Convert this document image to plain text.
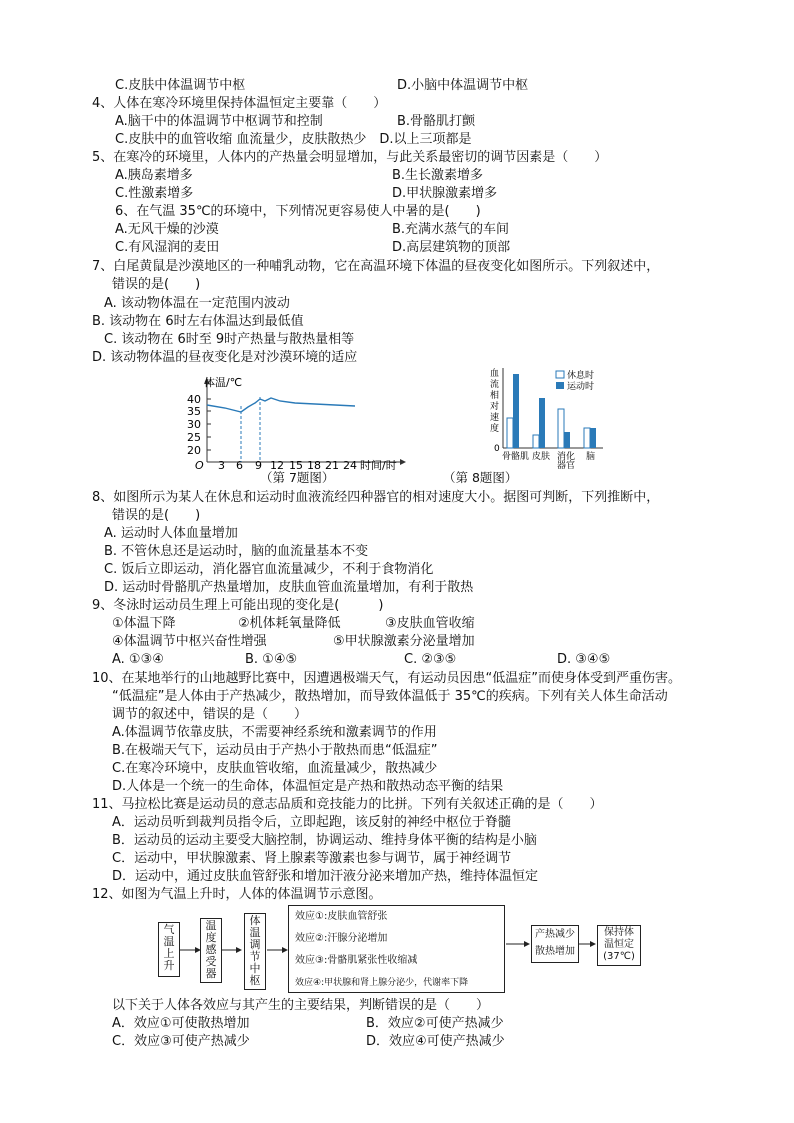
C.皮肤中体温调节中枢	D.小脑中体温调节中枢
4、人体在寒冷环境里保持体温恒定主要靠（　　）
A.脑干中的体温调节中枢调节和控制	B.骨骼肌打颤
C.皮肤中的血管收缩 血流量少，皮肤散热少　D.以上三项都是
5、在寒冷的环境里，人体内的产热量会明显增加，与此关系最密切的调节因素是（　　）
A.胰岛素增多	B.生长激素增多
C.性激素增多	D.甲状腺激素增多
6、在气温 35℃的环境中，下列情况更容易使人中暑的是(　　)
A.无风干燥的沙漠	B.充满水蒸气的车间
C.有风湿润的麦田	D.高层建筑物的顶部
7、白尾黄鼠是沙漠地区的一种哺乳动物，它在高温环境下体温的昼夜变化如图所示。下列叙述中，
错误的是(　　)
A. 该动物体温在一定范围内波动
B. 该动物在 6时左右体温达到最低值
C. 该动物在 6时至 9时产热量与散热量相等
D. 该动物体温的昼夜变化是对沙漠环境的适应
体温/℃
40
35
30
25
20
O 3 6 9 12 15 18 21 24 时间/时
（第 7题图）
血
流
相
对
速
度
0
骨骼肌 皮肤 消化
器官
脑
休息时
运动时
（第 8题图）
8、如图所示为某人在休息和运动时血液流经四种器官的相对速度大小。据图可判断，下列推断中，
错误的是(　　)
A. 运动时人体血量增加
B. 不管休息还是运动时，脑的血流量基本不变
C. 饭后立即运动，消化器官血流量减少，不利于食物消化
D. 运动时骨骼肌产热量增加，皮肤血管血流量增加，有利于散热
9、冬泳时运动员生理上可能出现的变化是(　　　)
①体温下降	②机体耗氧量降低	③皮肤血管收缩
④体温调节中枢兴奋性增强	⑤甲状腺激素分泌量增加
A. ①③④	B. ①④⑤	C. ②③⑤	D. ③④⑤
10、在某地举行的山地越野比赛中，因遭遇极端天气，有运动员因患“低温症”而使身体受到严重伤害。
“低温症”是人体由于产热减少，散热增加，而导致体温低于 35℃的疾病。下列有关人体生命活动
调节的叙述中，错误的是（　　）
A.体温调节依靠皮肤，不需要神经系统和激素调节的作用
B.在极端天气下，运动员由于产热小于散热而患“低温症”
C.在寒冷环境中，皮肤血管收缩，血流量减少，散热减少
D.人体是一个统一的生命体，体温恒定是产热和散热动态平衡的结果
11、马拉松比赛是运动员的意志品质和竞技能力的比拼。下列有关叙述正确的是（　　）
A．运动员听到裁判员指令后，立即起跑，该反射的神经中枢位于脊髓
B．运动员的运动主要受大脑控制，协调运动、维持身体平衡的结构是小脑
C．运动中，甲状腺激素、肾上腺素等激素也参与调节，属于神经调节
D．运动中，通过皮肤血管舒张和增加汗液分泌来增加产热，维持体温恒定
12、如图为气温上升时，人体的体温调节示意图。
气
温
上
升
温
度
感
受
器
体
温
调
节
中
枢
效应①:皮肤血管舒张
效应②:汗腺分泌增加
效应③:骨骼肌紧张性收缩减
效应④:甲状腺和肾上腺分泌少，代谢率下降
产热减少
散热增加
保持体
温恒定
(37℃)
以下关于人体各效应与其产生的主要结果，判断错误的是（　　）
A．效应①可使散热增加	B．效应②可使产热减少
C．效应③可使产热减少	D．效应④可使产热减少
